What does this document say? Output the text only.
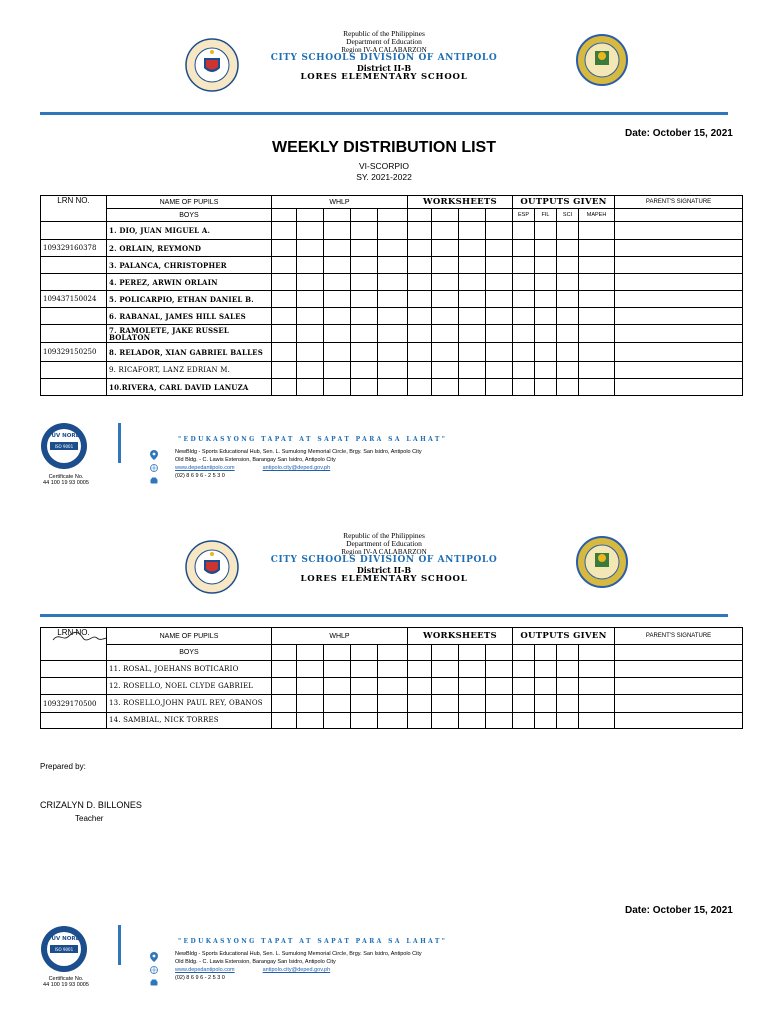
Republic of the Philippines
Department of Education
Region IV-A CALABARZON
CITY SCHOOLS DIVISION OF ANTIPOLO
District II-B
LORES ELEMENTARY SCHOOL
Date: October 15, 2021
WEEKLY DISTRIBUTION LIST
VI-SCORPIO
SY. 2021-2022
LRN NO.	NAME OF PUPILS	WHLP					WORKSHEETS				OUTPUTS GIVEN				PARENT'S SIGNATURE
	BOYS										ESP	FIL	SCI	MAPEH	
	1. DIO, JUAN MIGUEL A.														
109329160378	2. ORLAIN, REYMOND														
	3. PALANCA, CHRISTOPHER														
	4. PEREZ, ARWIN ORLAIN														
109437150024	5. POLICARPIO, ETHAN DANIEL B.														
	6. RABANAL, JAMES HILL SALES														
	7. RAMOLETE, JAKE RUSSEL BOLATON														
109329150250	8. RELADOR, XIAN GABRIEL BALLES														
	9. RICAFORT, LANZ EDRIAN M.														
	10.RIVERA, CARL DAVID LANUZA														
TÜV NORD
ISO 9001
Certificate No.
44 100 19 93 0005
"EDUKASYONG TAPAT AT SAPAT PARA SA LAHAT"
NewBldg - Sports Educational Hub, Sen. L. Sumulong Memorial Circle, Brgy. San Isidro, Antipolo City
Old Bldg. - C. Lawis Extension, Barangay San Isidro, Antipolo City
www.depedantipolo.com	antipolo.city@deped.gov.ph
(02) 8 6 9 6 - 2 5 3 0
Republic of the Philippines
Department of Education
Region IV-A CALABARZON
CITY SCHOOLS DIVISION OF ANTIPOLO
District II-B
LORES ELEMENTARY SCHOOL
LRN NO.	NAME OF PUPILS	WHLP					WORKSHEETS				OUTPUTS GIVEN				PARENT'S SIGNATURE
	BOYS														
	11. ROSAL, JOEHANS BOTICARIO														
	12. ROSELLO, NOEL CLYDE GABRIEL														
109329170500	13. ROSELLO,JOHN PAUL REY, OBANOS														
	14. SAMBIAL, NICK TORRES														
Prepared by:
CRIZALYN D. BILLONES
Teacher
Date: October 15, 2021
TÜV NORD
ISO 9001
Certificate No.
44 100 19 93 0005
"EDUKASYONG TAPAT AT SAPAT PARA SA LAHAT"
NewBldg - Sports Educational Hub, Sen. L. Sumulong Memorial Circle, Brgy. San Isidro, Antipolo City
Old Bldg. - C. Lawis Extension, Barangay San Isidro, Antipolo City
www.depedantipolo.com	antipolo.city@deped.gov.ph
(02) 8 6 9 6 - 2 5 3 0
